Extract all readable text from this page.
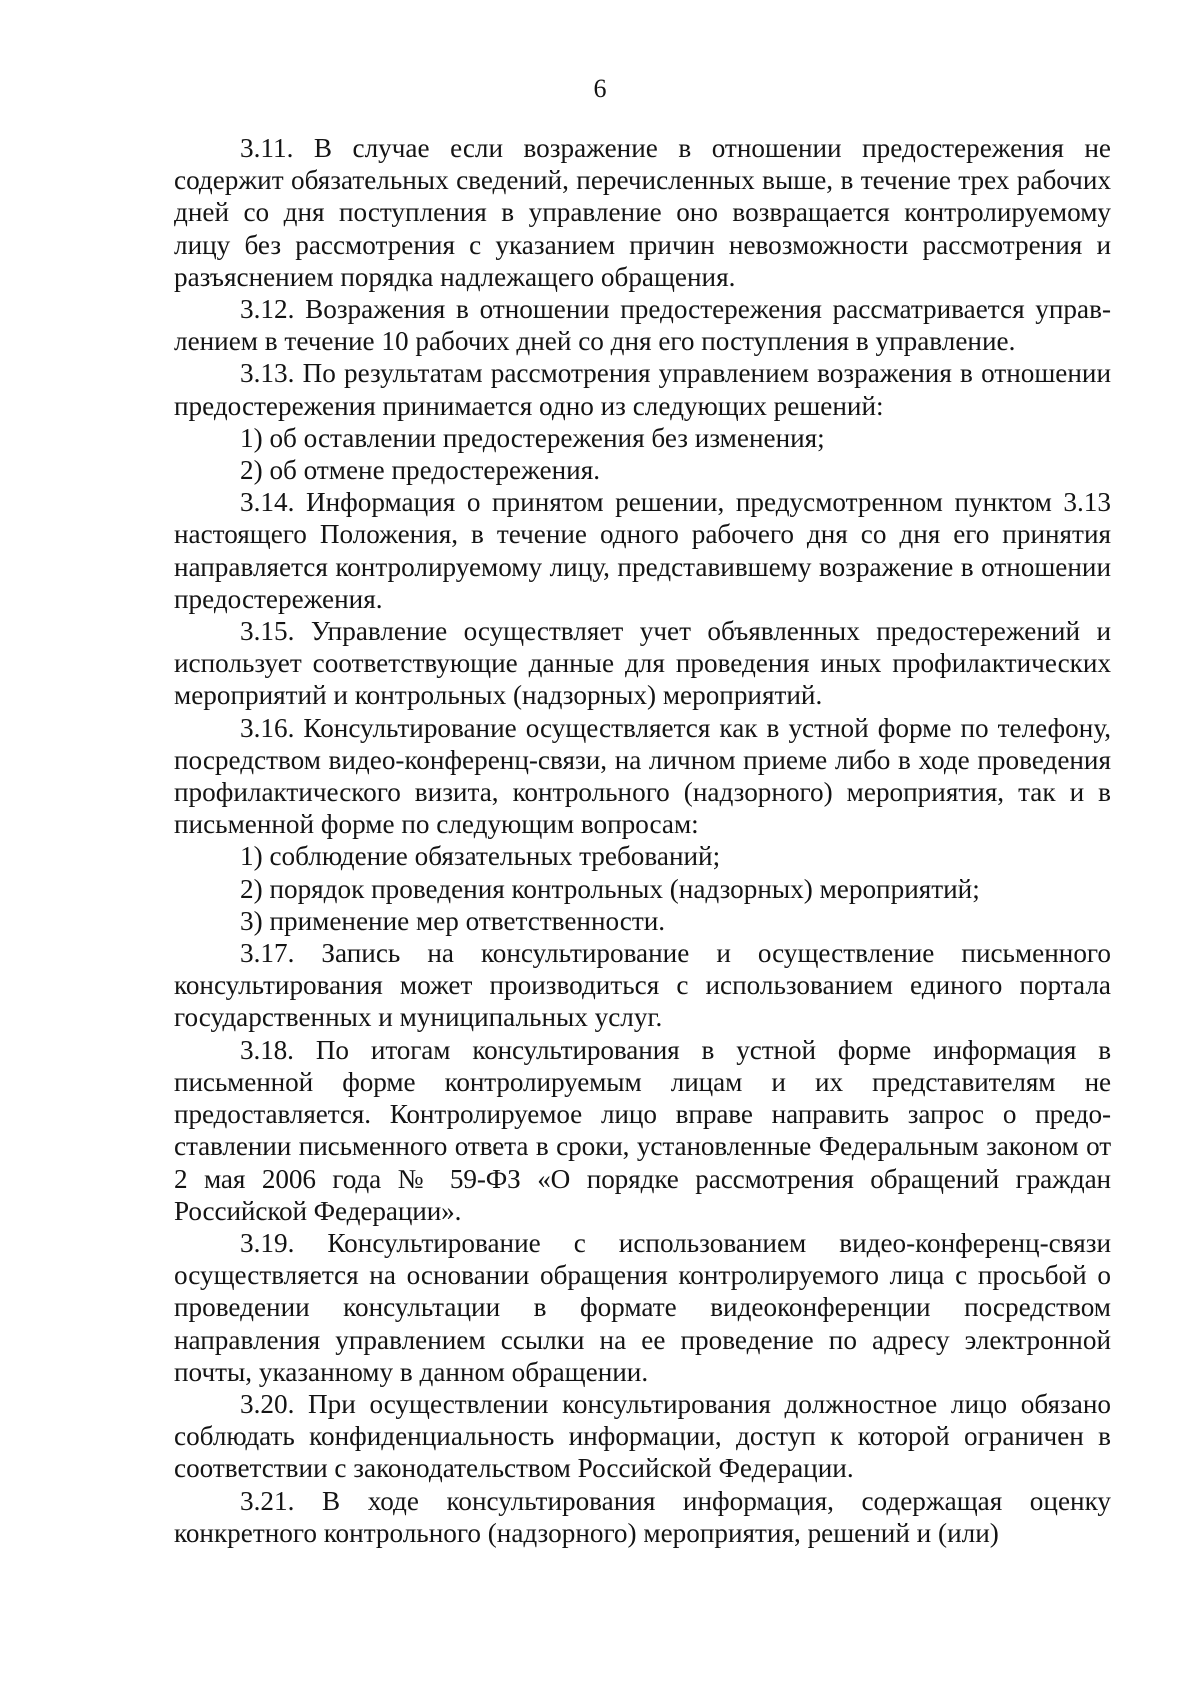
6

3.11. В случае если возражение в отношении предостережения не содержит обязательных сведений, перечисленных выше, в течение трех рабочих дней со дня поступления в управление оно возвращается контролируемому лицу без рассмотрения с указанием причин невозможности рассмотрения и разъяснением порядка надлежащего обращения.

3.12. Возражения в отношении предостережения рассматривается управлением в течение 10 рабочих дней со дня его поступления в управление.

3.13. По результатам рассмотрения управлением возражения в отношении предостережения принимается одно из следующих решений:

1) об оставлении предостережения без изменения;

2) об отмене предостережения.

3.14. Информация о принятом решении, предусмотренном пунктом 3.13 настоящего Положения, в течение одного рабочего дня со дня его принятия направляется контролируемому лицу, представившему возражение в отношении предостережения.

3.15. Управление осуществляет учет объявленных предостережений и использует соответствующие данные для проведения иных профилактических мероприятий и контрольных (надзорных) мероприятий.

3.16. Консультирование осуществляется как в устной форме по телефону, посредством видео-конференц-связи, на личном приеме либо в ходе проведения профилактического визита, контрольного (надзорного) мероприятия, так и в письменной форме по следующим вопросам:

1) соблюдение обязательных требований;

2) порядок проведения контрольных (надзорных) мероприятий;

3) применение мер ответственности.

3.17. Запись на консультирование и осуществление письменного консультирования может производиться с использованием единого портала государственных и муниципальных услуг.

3.18. По итогам консультирования в устной форме информация в письменной форме контролируемым лицам и их представителям не предоставляется. Контролируемое лицо вправе направить запрос о предоставлении письменного ответа в сроки, установленные Федеральным законом от 2 мая 2006 года № 59-ФЗ «О порядке рассмотрения обращений граждан Российской Федерации».

3.19. Консультирование с использованием видео-конференц-связи осуществляется на основании обращения контролируемого лица с просьбой о проведении консультации в формате видеоконференции посредством направления управлением ссылки на ее проведение по адресу электронной почты, указанному в данном обращении.

3.20. При осуществлении консультирования должностное лицо обязано соблюдать конфиденциальность информации, доступ к которой ограничен в соответствии с законодательством Российской Федерации.

3.21. В ходе консультирования информация, содержащая оценку конкретного контрольного (надзорного) мероприятия, решений и (или)
